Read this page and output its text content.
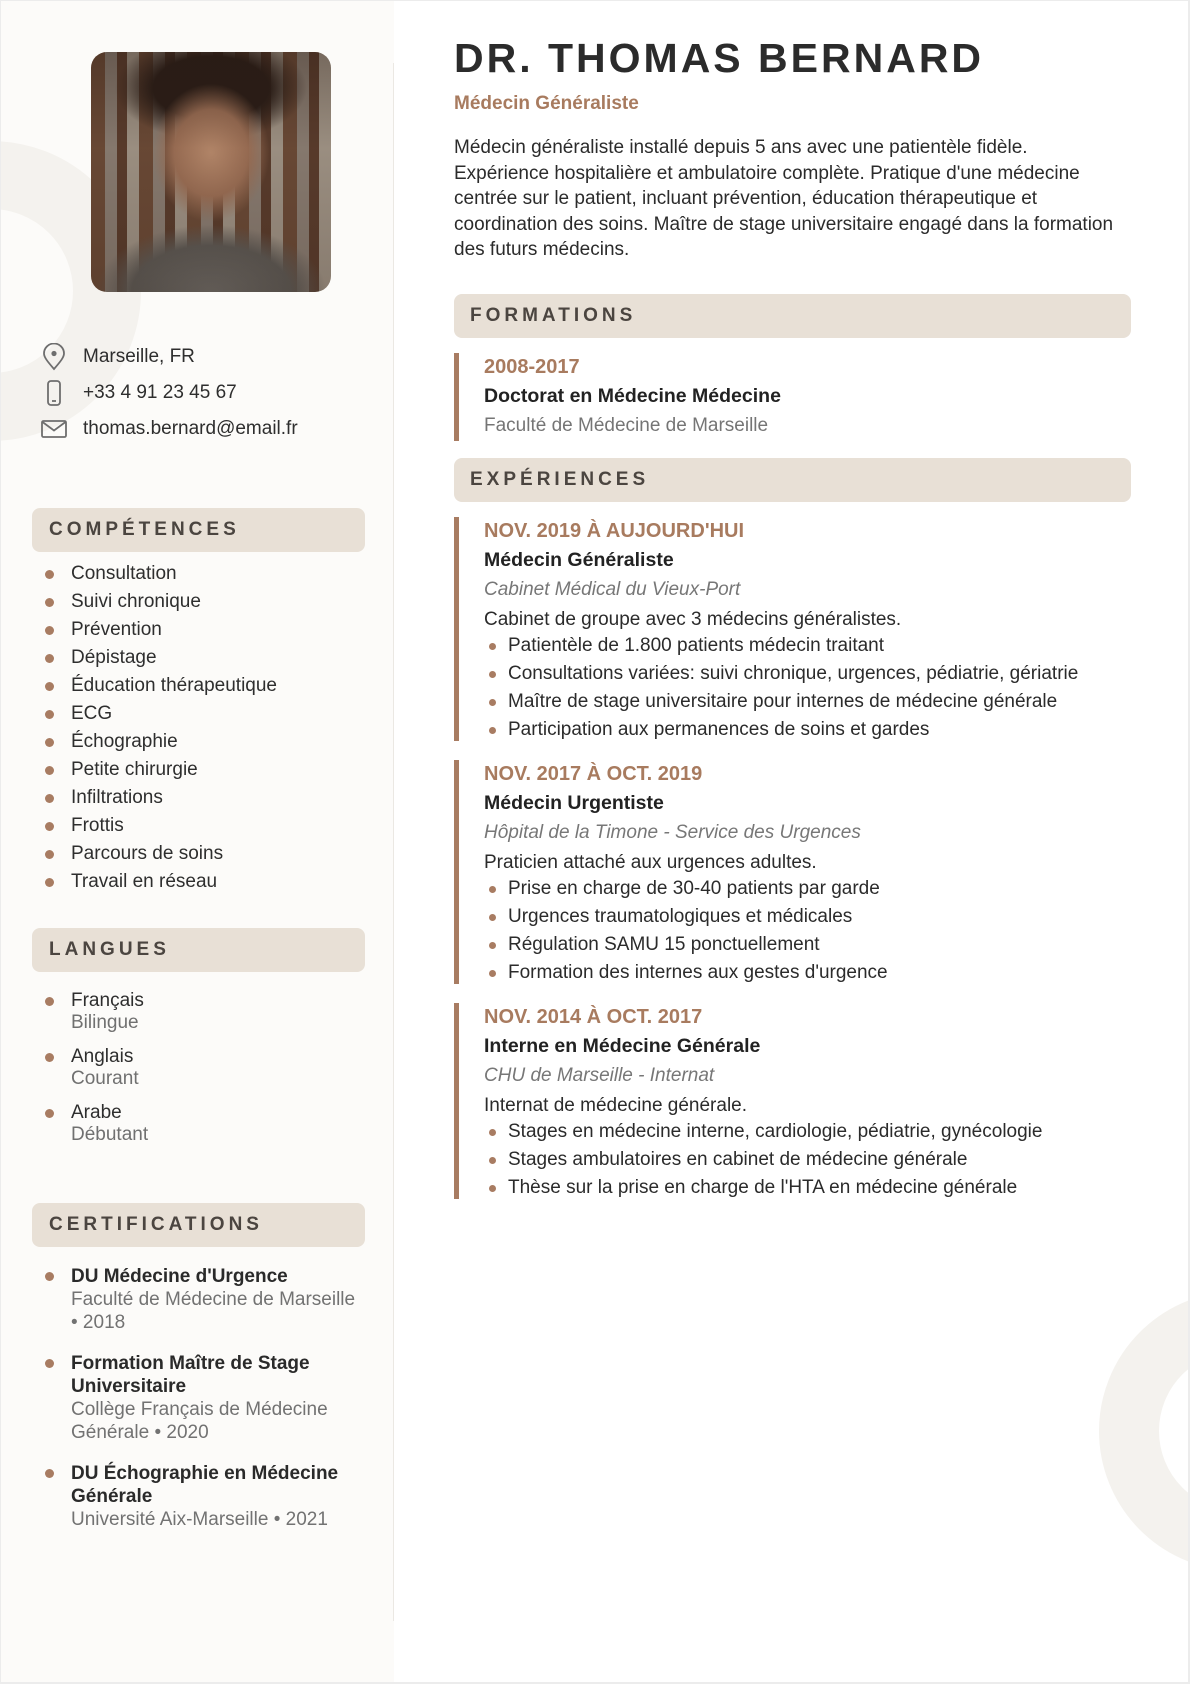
Marseille, FR
+33 4 91 23 45 67
thomas.bernard@email.fr
COMPÉTENCES
Consultation
Suivi chronique
Prévention
Dépistage
Éducation thérapeutique
ECG
Échographie
Petite chirurgie
Infiltrations
Frottis
Parcours de soins
Travail en réseau
LANGUES
Français
Bilingue
Anglais
Courant
Arabe
Débutant
CERTIFICATIONS
DU Médecine d'Urgence
Faculté de Médecine de Marseille • 2018
Formation Maître de Stage Universitaire
Collège Français de Médecine Générale • 2020
DU Échographie en Médecine Générale
Université Aix-Marseille • 2021
DR. THOMAS BERNARD
Médecin Généraliste
Médecin généraliste installé depuis 5 ans avec une patientèle fidèle. Expérience hospitalière et ambulatoire complète. Pratique d'une médecine centrée sur le patient, incluant prévention, éducation thérapeutique et coordination des soins. Maître de stage universitaire engagé dans la formation des futurs médecins.
FORMATIONS
2008-2017
Doctorat en Médecine Médecine
Faculté de Médecine de Marseille
EXPÉRIENCES
NOV. 2019 À AUJOURD'HUI
Médecin Généraliste
Cabinet Médical du Vieux-Port
Cabinet de groupe avec 3 médecins généralistes.
Patientèle de 1.800 patients médecin traitant
Consultations variées: suivi chronique, urgences, pédiatrie, gériatrie
Maître de stage universitaire pour internes de médecine générale
Participation aux permanences de soins et gardes
NOV. 2017 À OCT. 2019
Médecin Urgentiste
Hôpital de la Timone - Service des Urgences
Praticien attaché aux urgences adultes.
Prise en charge de 30-40 patients par garde
Urgences traumatologiques et médicales
Régulation SAMU 15 ponctuellement
Formation des internes aux gestes d'urgence
NOV. 2014 À OCT. 2017
Interne en Médecine Générale
CHU de Marseille - Internat
Internat de médecine générale.
Stages en médecine interne, cardiologie, pédiatrie, gynécologie
Stages ambulatoires en cabinet de médecine générale
Thèse sur la prise en charge de l'HTA en médecine générale
